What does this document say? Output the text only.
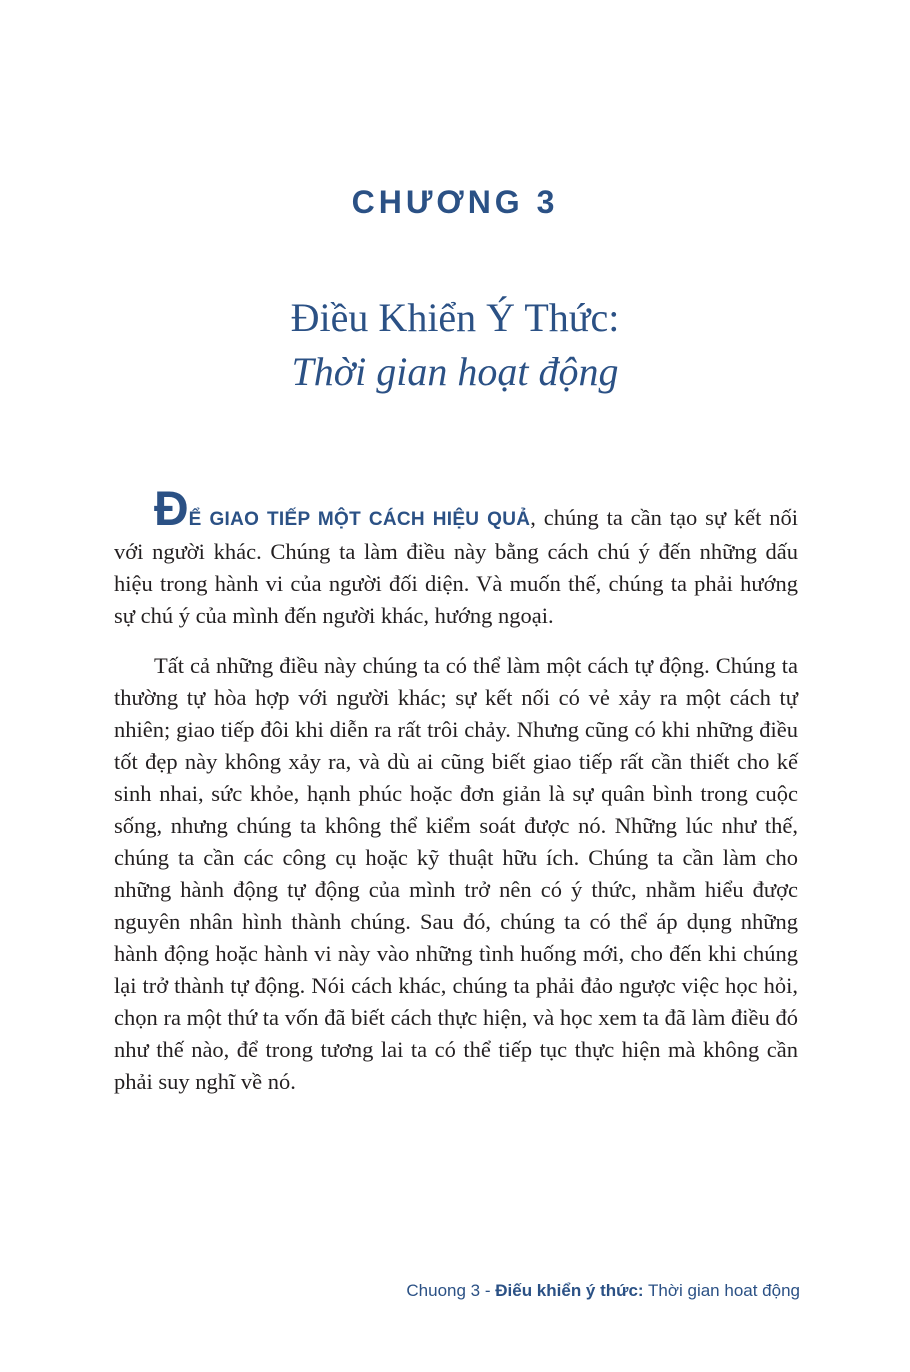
CHƯƠNG 3
Điều Khiển Ý Thức:
Thời gian hoạt động

ĐỂ GIAO TIẾP MỘT CÁCH HIỆU QUẢ, chúng ta cần tạo sự kết nối với người khác. Chúng ta làm điều này bằng cách chú ý đến những dấu hiệu trong hành vi của người đối diện. Và muốn thế, chúng ta phải hướng sự chú ý của mình đến người khác, hướng ngoại.

Tất cả những điều này chúng ta có thể làm một cách tự động. Chúng ta thường tự hòa hợp với người khác; sự kết nối có vẻ xảy ra một cách tự nhiên; giao tiếp đôi khi diễn ra rất trôi chảy. Nhưng cũng có khi những điều tốt đẹp này không xảy ra, và dù ai cũng biết giao tiếp rất cần thiết cho kế sinh nhai, sức khỏe, hạnh phúc hoặc đơn giản là sự quân bình trong cuộc sống, nhưng chúng ta không thể kiểm soát được nó. Những lúc như thế, chúng ta cần các công cụ hoặc kỹ thuật hữu ích. Chúng ta cần làm cho những hành động tự động của mình trở nên có ý thức, nhằm hiểu được nguyên nhân hình thành chúng. Sau đó, chúng ta có thể áp dụng những hành động hoặc hành vi này vào những tình huống mới, cho đến khi chúng lại trở thành tự động. Nói cách khác, chúng ta phải đảo ngược việc học hỏi, chọn ra một thứ ta vốn đã biết cách thực hiện, và học xem ta đã làm điều đó như thế nào, để trong tương lai ta có thể tiếp tục thực hiện mà không cần phải suy nghĩ về nó.

Chuong 3 - Điếu khiển ý thức: Thời gian hoat động
